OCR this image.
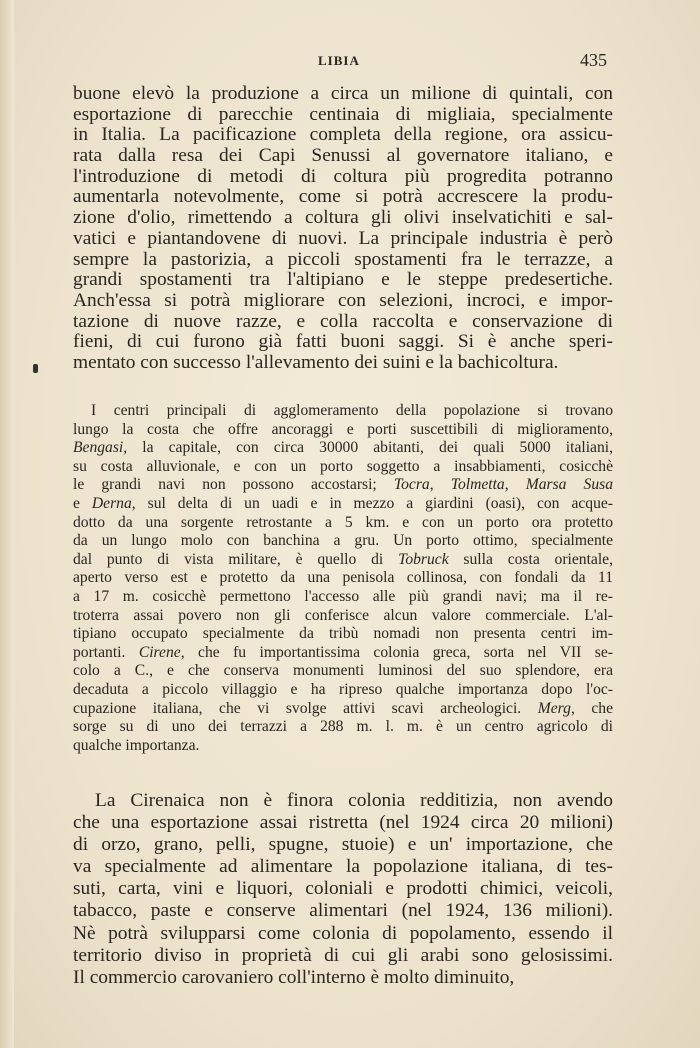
LIBIA	435
buone elevò la produzione a circa un milione di quintali, con
esportazione di parecchie centinaia di migliaia, specialmente
in Italia. La pacificazione completa della regione, ora assicu-
rata dalla resa dei Capi Senussi al governatore italiano, e
l'introduzione di metodi di coltura più progredita potranno
aumentarla notevolmente, come si potrà accrescere la produ-
zione d'olio, rimettendo a coltura gli olivi inselvatichiti e sal-
vatici e piantandovene di nuovi. La principale industria è però
sempre la pastorizia, a piccoli spostamenti fra le terrazze, a
grandi spostamenti tra l'altipiano e le steppe predesertiche.
Anch'essa si potrà migliorare con selezioni, incroci, e impor-
tazione di nuove razze, e colla raccolta e conservazione di
fieni, di cui furono già fatti buoni saggi. Si è anche speri-
mentato con successo l'allevamento dei suini e la bachicoltura.
I centri principali di agglomeramento della popolazione si trovano
lungo la costa che offre ancoraggi e porti suscettibili di miglioramento,
Bengasi, la capitale, con circa 30000 abitanti, dei quali 5000 italiani,
su costa alluvionale, e con un porto soggetto a insabbiamenti, cosicchè
le grandi navi non possono accostarsi; Tocra, Tolmetta, Marsa Susa
e Derna, sul delta di un uadi e in mezzo a giardini (oasi), con acque-
dotto da una sorgente retrostante a 5 km. e con un porto ora protetto
da un lungo molo con banchina a gru. Un porto ottimo, specialmente
dal punto di vista militare, è quello di Tobruck sulla costa orientale,
aperto verso est e protetto da una penisola collinosa, con fondali da 11
a 17 m. cosicchè permettono l'accesso alle più grandi navi; ma il re-
troterra assai povero non gli conferisce alcun valore commerciale. L'al-
tipiano occupato specialmente da tribù nomadi non presenta centri im-
portanti. Cirene, che fu importantissima colonia greca, sorta nel VII se-
colo a C., e che conserva monumenti luminosi del suo splendore, era
decaduta a piccolo villaggio e ha ripreso qualche importanza dopo l'oc-
cupazione italiana, che vi svolge attivi scavi archeologici. Merg, che
sorge su di uno dei terrazzi a 288 m. l. m. è un centro agricolo di
qualche importanza.
La Cirenaica non è finora colonia redditizia, non avendo
che una esportazione assai ristretta (nel 1924 circa 20 milioni)
di orzo, grano, pelli, spugne, stuoie) e un' importazione, che
va specialmente ad alimentare la popolazione italiana, di tes-
suti, carta, vini e liquori, coloniali e prodotti chimici, veicoli,
tabacco, paste e conserve alimentari (nel 1924, 136 milioni).
Nè potrà svilupparsi come colonia di popolamento, essendo il
territorio diviso in proprietà di cui gli arabi sono gelosissimi.
Il commercio carovaniero coll'interno è molto diminuito,
